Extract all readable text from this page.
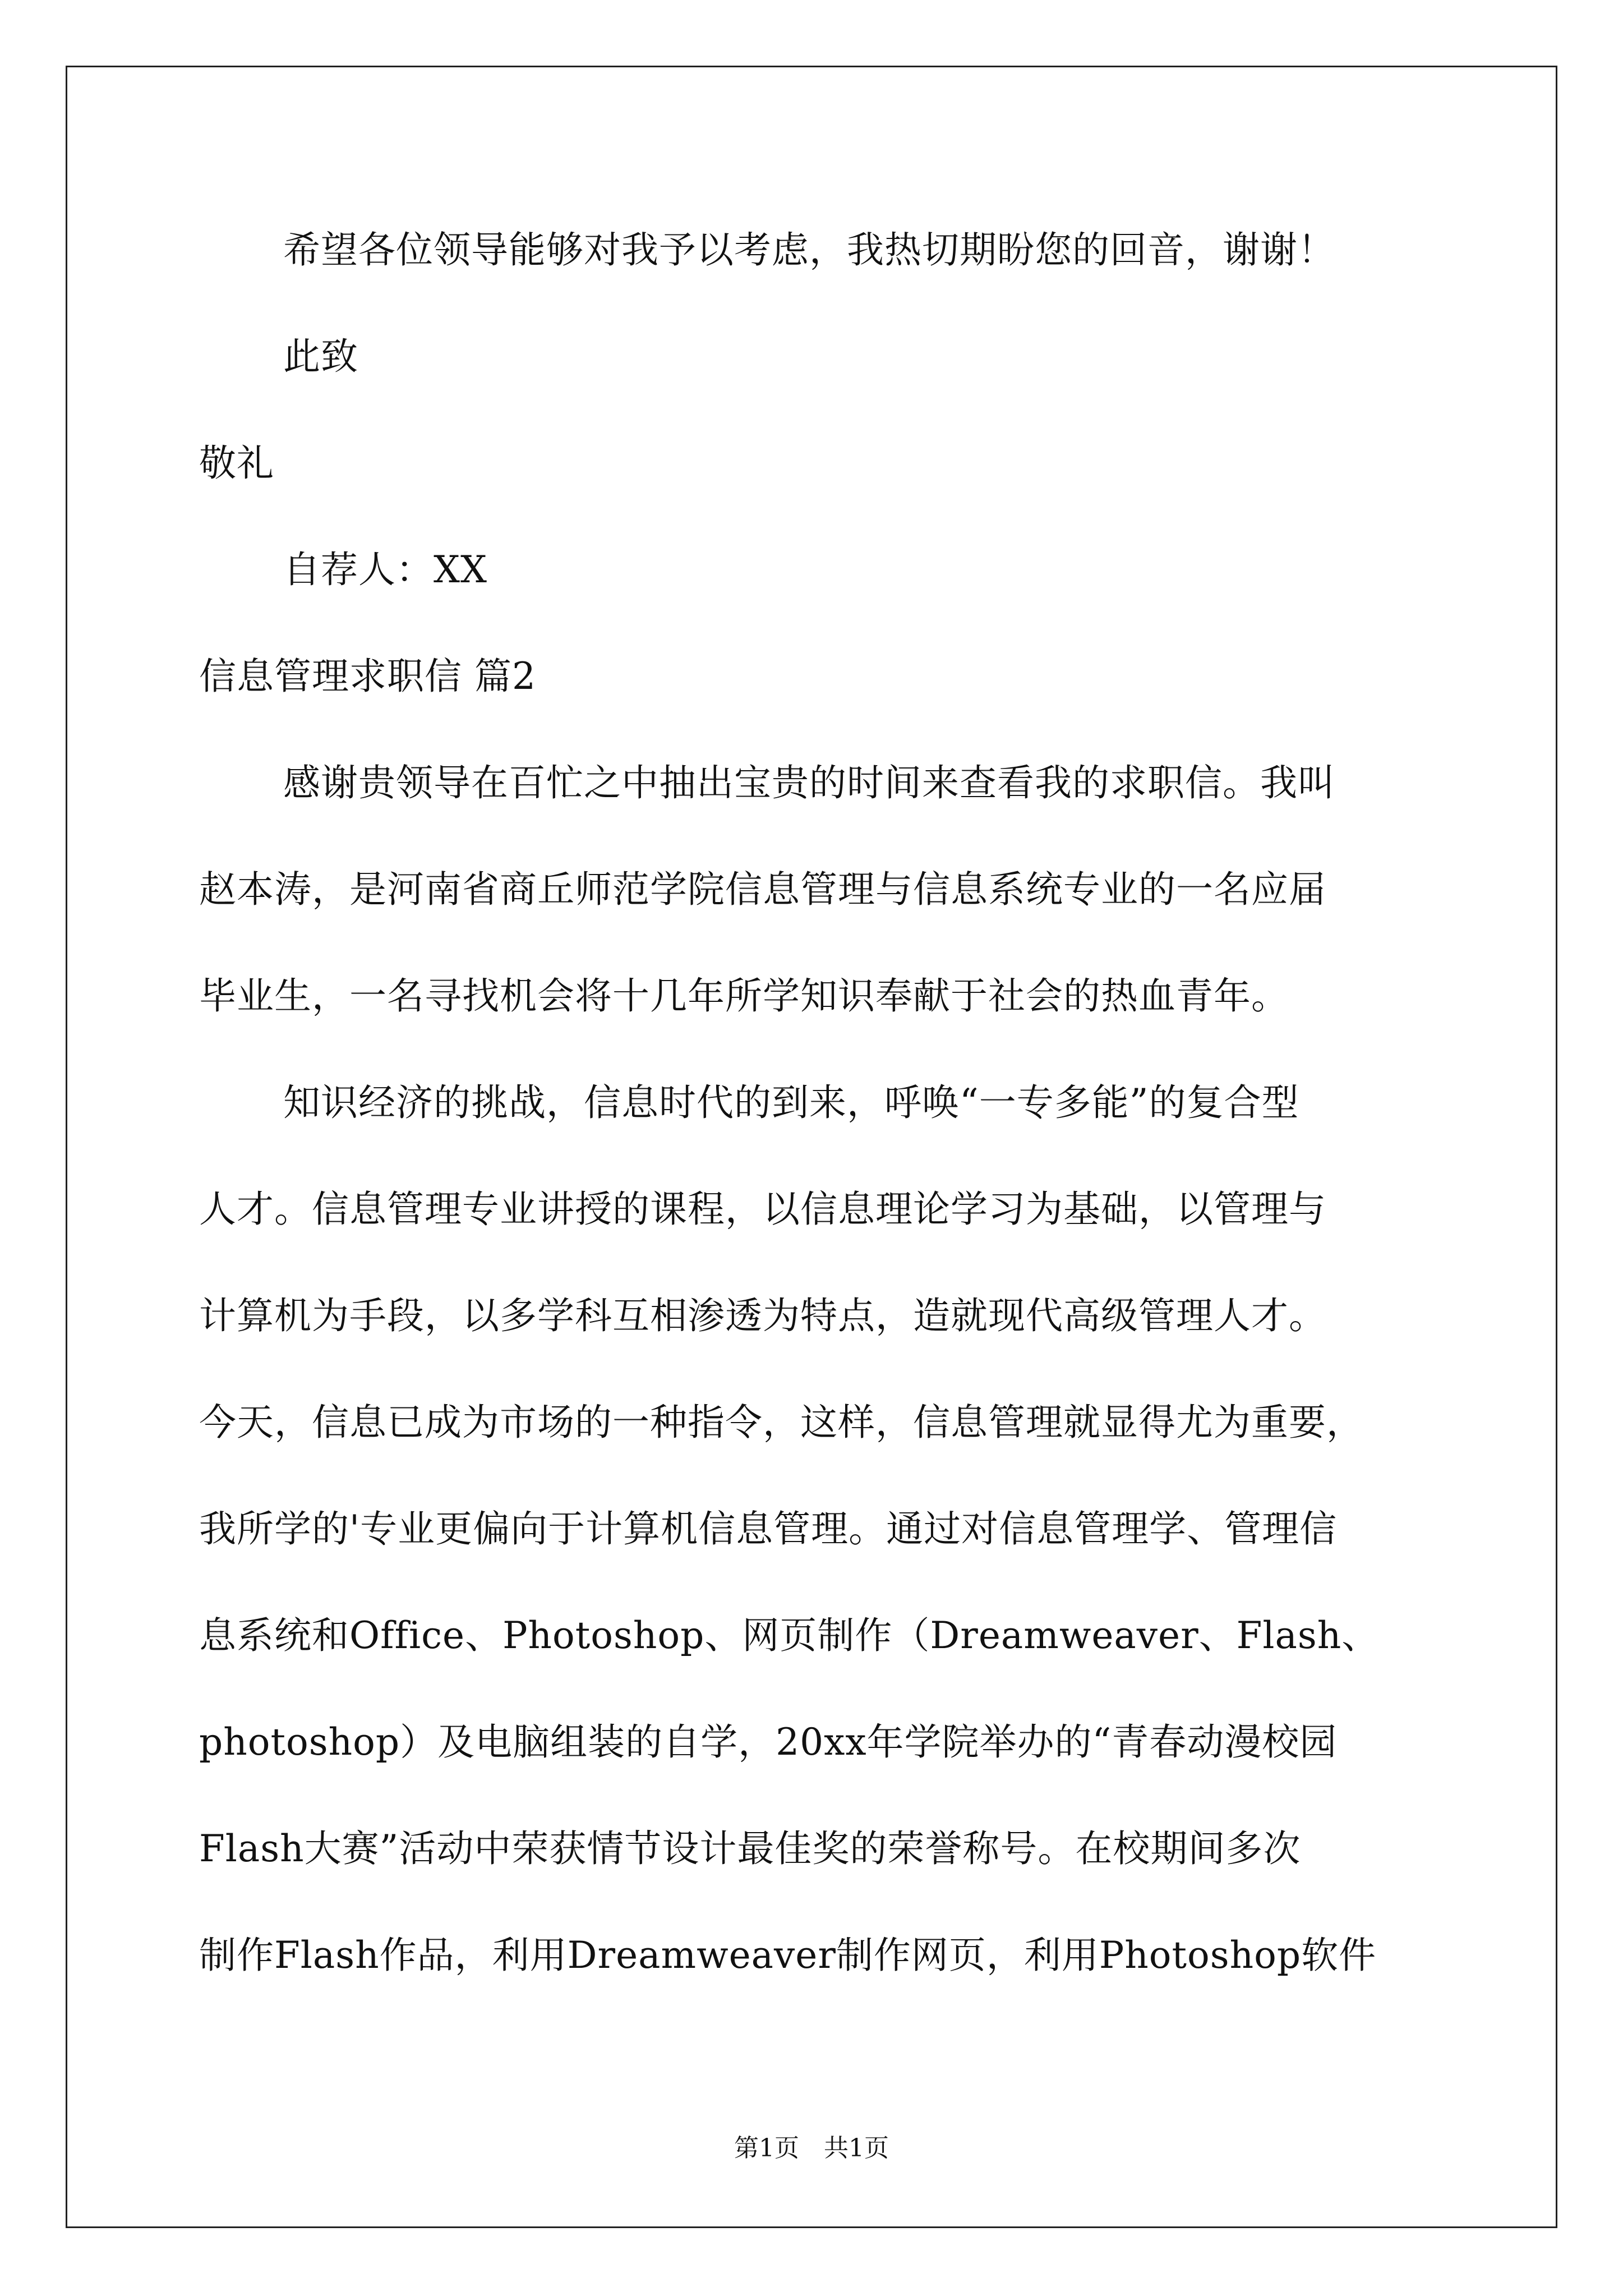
希望各位领导能够对我予以考虑，我热切期盼您的回音，谢谢！

此致

敬礼

自荐人：XX

信息管理求职信 篇2

感谢贵领导在百忙之中抽出宝贵的时间来查看我的求职信。我叫

赵本涛，是河南省商丘师范学院信息管理与信息系统专业的一名应届

毕业生，一名寻找机会将十几年所学知识奉献于社会的热血青年。

知识经济的挑战，信息时代的到来，呼唤“一专多能”的复合型

人才。信息管理专业讲授的课程，以信息理论学习为基础，以管理与

计算机为手段，以多学科互相渗透为特点，造就现代高级管理人才。

今天，信息已成为市场的一种指令，这样，信息管理就显得尤为重要，

我所学的'专业更偏向于计算机信息管理。通过对信息管理学、管理信

息系统和Office、Photoshop、网页制作（Dreamweaver、Flash、

photoshop）及电脑组装的自学，20xx年学院举办的“青春动漫校园

Flash大赛”活动中荣获情节设计最佳奖的荣誉称号。在校期间多次

制作Flash作品，利用Dreamweaver制作网页，利用Photoshop软件

第1页　共1页
